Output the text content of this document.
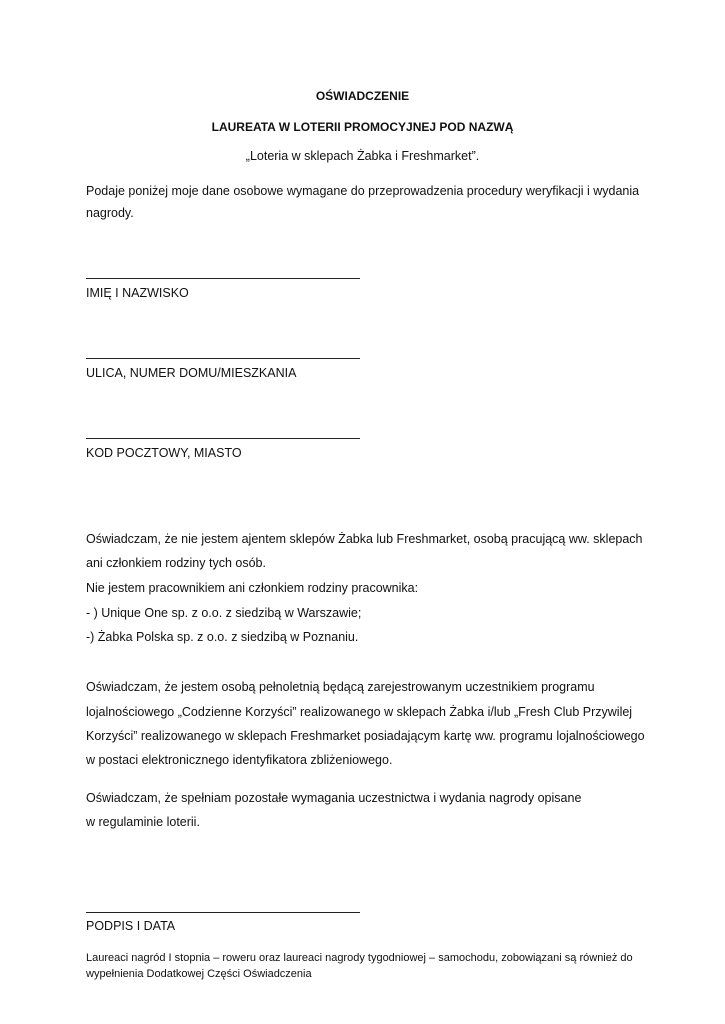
OŚWIADCZENIE
LAUREATA W LOTERII PROMOCYJNEJ POD NAZWĄ
„Loteria w sklepach Żabka i Freshmarket”.
Podaje poniżej moje dane osobowe wymagane do przeprowadzenia procedury weryfikacji i wydania nagrody.
IMIĘ I NAZWISKO
ULICA, NUMER DOMU/MIESZKANIA
KOD POCZTOWY, MIASTO
Oświadczam, że nie jestem ajentem sklepów Żabka lub Freshmarket, osobą pracującą ww. sklepach
ani członkiem rodziny tych osób.
Nie jestem pracownikiem ani członkiem rodziny pracownika:
- ) Unique One sp. z o.o. z siedzibą w Warszawie;
-) Żabka Polska sp. z o.o. z siedzibą w Poznaniu.
Oświadczam, że jestem osobą pełnoletnią będącą zarejestrowanym uczestnikiem programu
lojalnościowego „Codzienne Korzyści” realizowanego w sklepach Żabka i/lub „Fresh Club Przywilej
Korzyści” realizowanego w sklepach Freshmarket posiadającym kartę ww. programu lojalnościowego
w postaci elektronicznego identyfikatora zbliżeniowego.
Oświadczam, że spełniam pozostałe wymagania uczestnictwa i wydania nagrody opisane
w regulaminie loterii.
PODPIS I DATA
Laureaci nagród I stopnia – roweru oraz laureaci nagrody tygodniowej – samochodu, zobowiązani są również do wypełnienia Dodatkowej Części Oświadczenia
